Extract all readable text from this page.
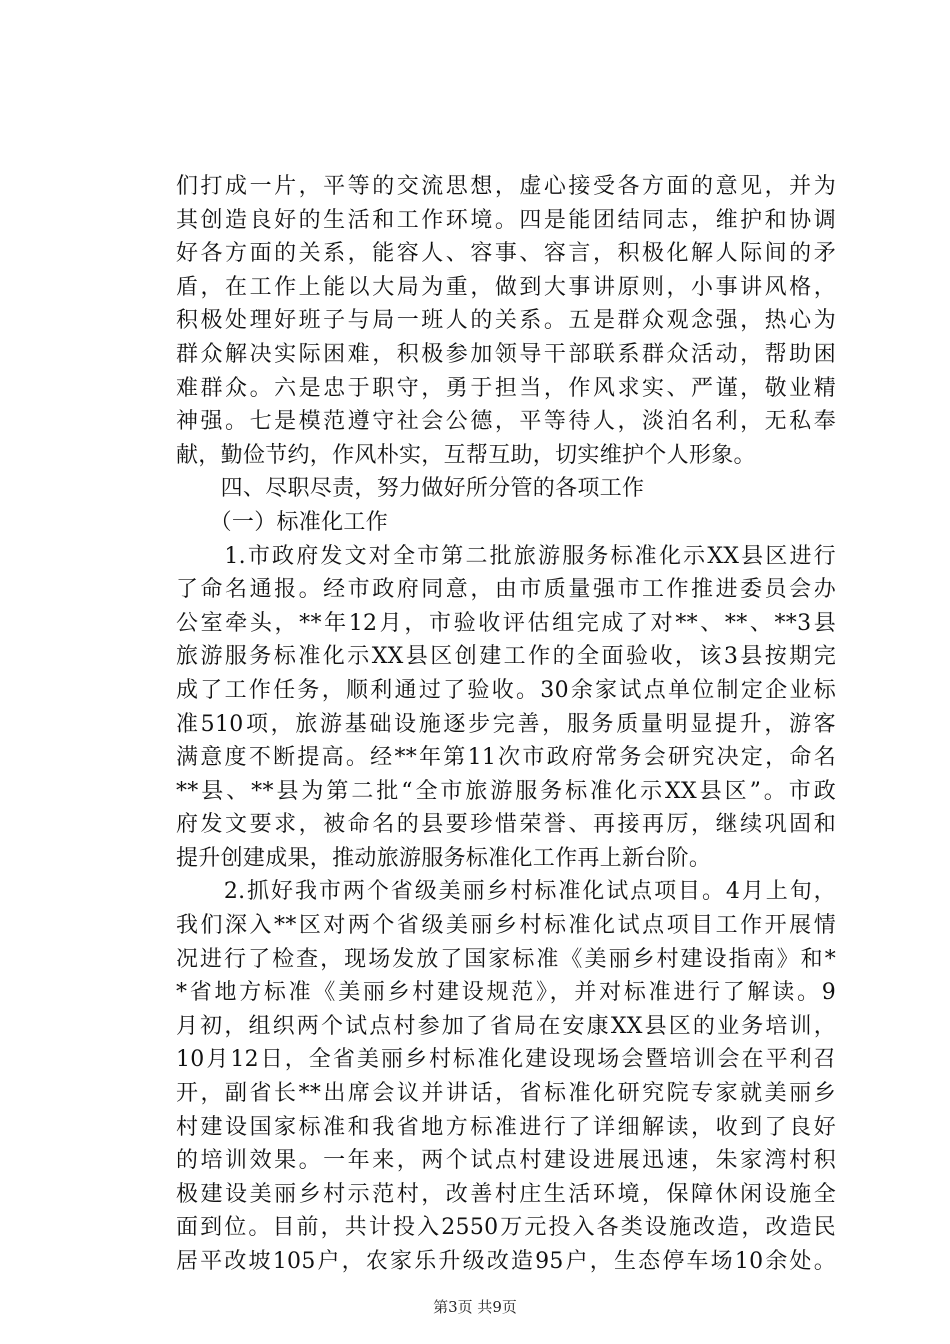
们打成一片，平等的交流思想，虚心接受各方面的意见，并为
其创造良好的生活和工作环境。四是能团结同志，维护和协调
好各方面的关系，能容人、容事、容言，积极化解人际间的矛
盾，在工作上能以大局为重，做到大事讲原则，小事讲风格，
积极处理好班子与局一班人的关系。五是群众观念强，热心为
群众解决实际困难，积极参加领导干部联系群众活动，帮助困
难群众。六是忠于职守，勇于担当，作风求实、严谨，敬业精
神强。七是模范遵守社会公德，平等待人，淡泊名利，无私奉
献，勤俭节约，作风朴实，互帮互助，切实维护个人形象。
　　四、尽职尽责，努力做好所分管的各项工作
　　（一）标准化工作
　　1.市政府发文对全市第二批旅游服务标准化示XX县区进行
了命名通报。经市政府同意，由市质量强市工作推进委员会办
公室牵头，**年12月，市验收评估组完成了对**、**、**3县
旅游服务标准化示XX县区创建工作的全面验收，该3县按期完
成了工作任务，顺利通过了验收。30余家试点单位制定企业标
准510项，旅游基础设施逐步完善，服务质量明显提升，游客
满意度不断提高。经**年第11次市政府常务会研究决定，命名
**县、**县为第二批“全市旅游服务标准化示XX县区”。市政
府发文要求，被命名的县要珍惜荣誉、再接再厉，继续巩固和
提升创建成果，推动旅游服务标准化工作再上新台阶。
　　2.抓好我市两个省级美丽乡村标准化试点项目。4月上旬，
我们深入**区对两个省级美丽乡村标准化试点项目工作开展情
况进行了检查，现场发放了国家标准《美丽乡村建设指南》和*
*省地方标准《美丽乡村建设规范》，并对标准进行了解读。9
月初，组织两个试点村参加了省局在安康XX县区的业务培训，
10月12日，全省美丽乡村标准化建设现场会暨培训会在平利召
开，副省长**出席会议并讲话，省标准化研究院专家就美丽乡
村建设国家标准和我省地方标准进行了详细解读，收到了良好
的培训效果。一年来，两个试点村建设进展迅速，朱家湾村积
极建设美丽乡村示范村，改善村庄生活环境，保障休闲设施全
面到位。目前，共计投入2550万元投入各类设施改造，改造民
居平改坡105户，农家乐升级改造95户，生态停车场10余处。
第3页 共9页
